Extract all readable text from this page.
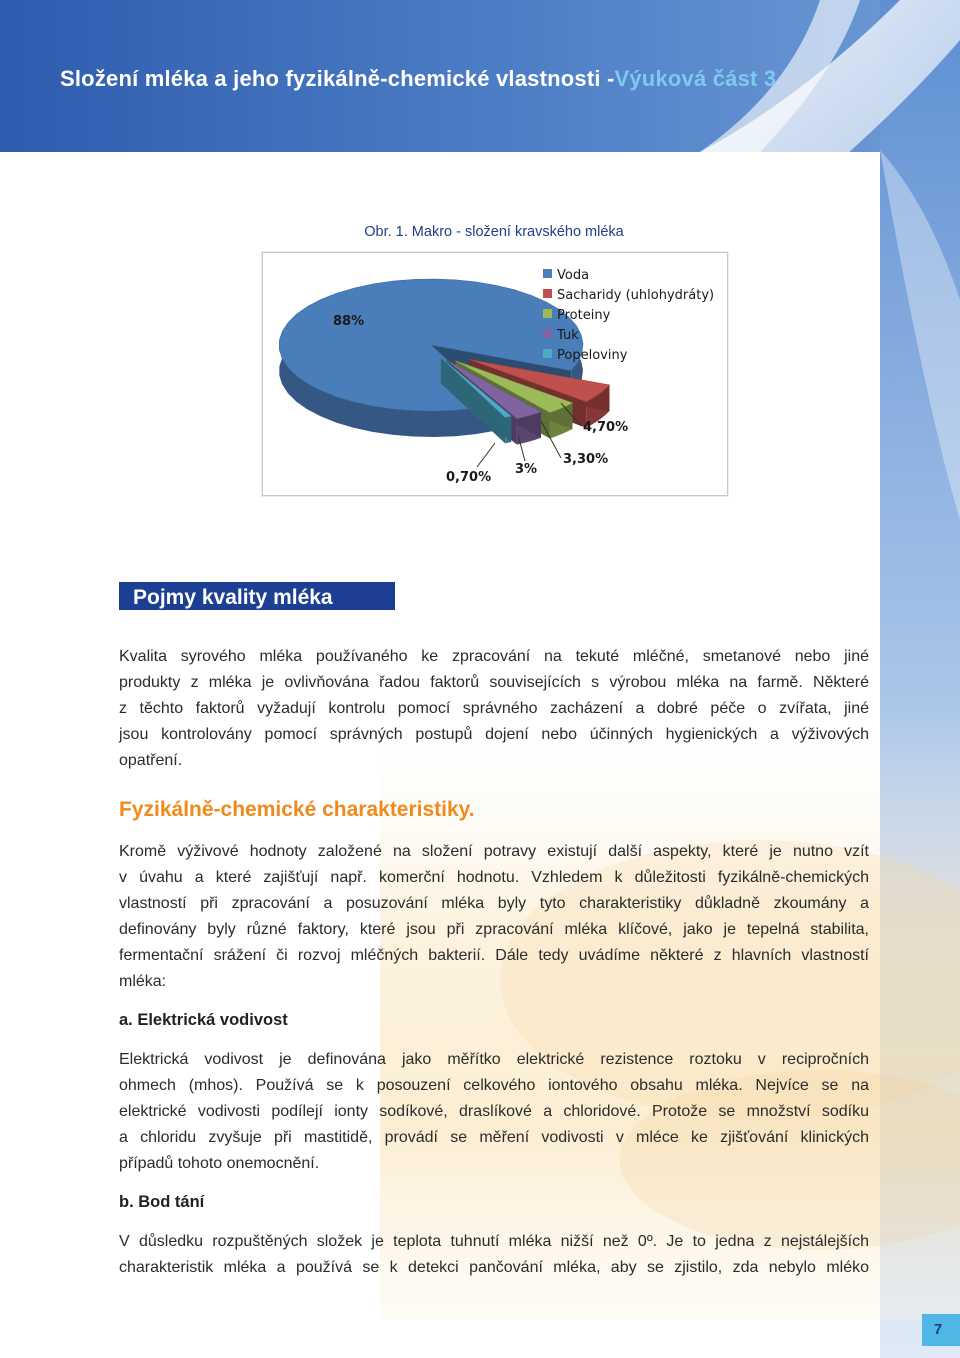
Složení mléka a jeho fyzikálně-chemické vlastnosti -Výuková část 3
Obr. 1. Makro - složení kravského mléka
88%
4,70%
3,30%
3%
0,70%
Voda
Sacharidy (uhlohydráty)
Proteiny
Tuk
Popeloviny
Pojmy kvality mléka
Kvalita syrového mléka používaného ke zpracování na tekuté mléčné, smetanové nebo jiné
produkty z mléka je ovlivňována řadou faktorů souvisejících s výrobou mléka na farmě. Některé
z těchto faktorů vyžadují kontrolu pomocí správného zacházení a dobré péče o zvířata, jiné
jsou kontrolovány pomocí správných postupů dojení nebo účinných hygienických a výživových
opatření.
Fyzikálně-chemické charakteristiky.
Kromě výživové hodnoty založené na složení potravy existují další aspekty, které je nutno vzít
v úvahu a které zajišťují např. komerční hodnotu. Vzhledem k důležitosti fyzikálně-chemických
vlastností při zpracování a posuzování mléka byly tyto charakteristiky důkladně zkoumány a
definovány byly různé faktory, které jsou při zpracování mléka klíčové, jako je tepelná stabilita,
fermentační srážení či rozvoj mléčných bakterií. Dále tedy uvádíme některé z hlavních vlastností
mléka:
a. Elektrická vodivost
Elektrická vodivost je definována jako měřítko elektrické rezistence roztoku v recipročních
ohmech (mhos). Používá se k posouzení celkového iontového obsahu mléka. Nejvíce se na
elektrické vodivosti podílejí ionty sodíkové, draslíkové a chloridové. Protože se množství sodíku
a chloridu zvyšuje při mastitidě, provádí se měření vodivosti v mléce ke zjišťování klinických
případů tohoto onemocnění.
b. Bod tání
V důsledku rozpuštěných složek je teplota tuhnutí mléka nižší než 0º. Je to jedna z nejstálejších
charakteristik mléka a používá se k detekci pančování mléka, aby se zjistilo, zda nebylo mléko
7
